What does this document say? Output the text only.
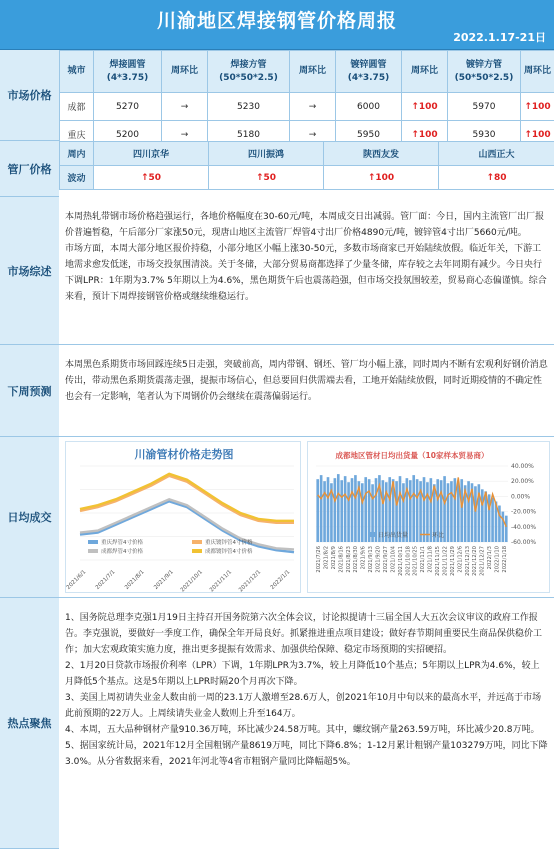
川渝地区焊接钢管价格周报
2022.1.17-21日
市场价格
管厂价格
市场综述
下周预测
日均成交
热点聚焦
城市	焊接圆管
(4*3.75)	周环比	焊接方管
(50*50*2.5)	周环比	镀锌圆管
(4*3.75)	周环比	镀锌方管
(50*50*2.5)	周环比
成都	5270	→	5230	→	6000	↑100	5970	↑100
重庆	5200	→	5180	→	5950	↑100	5930	↑100
周内	四川京华	四川振鸿	陕西友发	山西正大
波动	↑50	↑50	↑100	↑80

本周热轧带钢市场价格趋强运行，各地价格幅度在30-60元/吨，本周成交日出减弱。管厂面：今日，国内主流管厂出厂报价普遍暂稳，午后部分厂家涨50元，现唐山地区主流管厂焊管4寸出厂价格4890元/吨，镀锌管4寸出厂5660元/吨。

市场方面，本周大部分地区报价持稳，小部分地区小幅上涨30-50元，多数市场商家已开始陆续放假。临近年关，下游工地需求愈发低迷，市场交投氛围清淡。关于冬储，大部分贸易商都选择了少量冬储，库存较之去年同期有减少。今日央行下调LPR：1年期为3.7% 5年期以上为4.6%，黑色期货午后也震荡趋强，但市场交投氛围较差，贸易商心态偏谨慎。综合来看，预计下周焊接钢管价格或继续维稳运行。

本周黑色系期货市场回踩连续5日走强，突破前高，周内带钢、钢坯、管厂均小幅上涨，同时周内不断有宏观利好钢价消息传出，带动黑色系期货震荡走强，提振市场信心，但总要回归供需端去看，工地开始陆续放假，同时近期疫情的不确定性也会有一定影响，笔者认为下周钢价仍会继续在震荡偏弱运行。

川渝管材价格走势图
重庆焊管4寸价格	重庆镀锌管4寸价格
成都焊管4寸价格	成都镀锌管4寸价格
2021/6/1 2021/7/1 2021/8/1 2021/9/1 2021/10/1 2021/11/1 2021/12/1 2022/1/1
成都地区管材日均出货量（10家样本贸易商）
40.00%
20.00%
0.00%
-20.00%
-40.00%
-60.00%
日均出货量	环比
2021/7/26 2021/8/2 2021/8/9 2021/8/16 2021/8/23 2021/8/30 2021/9/6 2021/9/13 2021/9/20 2021/9/27 2021/10/4 2021/10/11 2021/10/18 2021/10/25 2021/11/1 2021/11/8 2021/11/15 2021/11/22 2021/11/29 2021/12/6 2021/12/13 2021/12/20 2021/12/27 2022/1/3 2022/1/10 2022/1/18

1、国务院总理李克强1月19日主持召开国务院第六次全体会议，讨论拟提请十三届全国人大五次会议审议的政府工作报告。李克强说，要做好一季度工作，确保全年开局良好。抓紧推进重点项目建设；做好春节期间重要民生商品保供稳价工作；加大宏观政策实施力度，推出更多提振有效需求、加强供给保障、稳定市场预期的实招硬招。

2、1月20日贷款市场报价利率（LPR）下调，1年期LPR为3.7%，较上月降低10个基点；5年期以上LPR为4.6%，较上月降低5个基点。这是5年期以上LPR时隔20个月再次下降。

3、美国上周初请失业金人数由前一周的23.1万人激增至28.6万人，创2021年10月中旬以来的最高水平，并远高于市场此前预期的22万人。上周续请失业金人数则上升至164万。

4、本周，五大品种钢材产量910.36万吨，环比减少24.58万吨。其中，螺纹钢产量263.59万吨，环比减少20.8万吨。

5、据国家统计局，2021年12月全国粗钢产量8619万吨，同比下降6.8%；1-12月累计粗钢产量103279万吨，同比下降3.0%。从分省数据来看，2021年河北等4省市粗钢产量同比降幅超5%。
